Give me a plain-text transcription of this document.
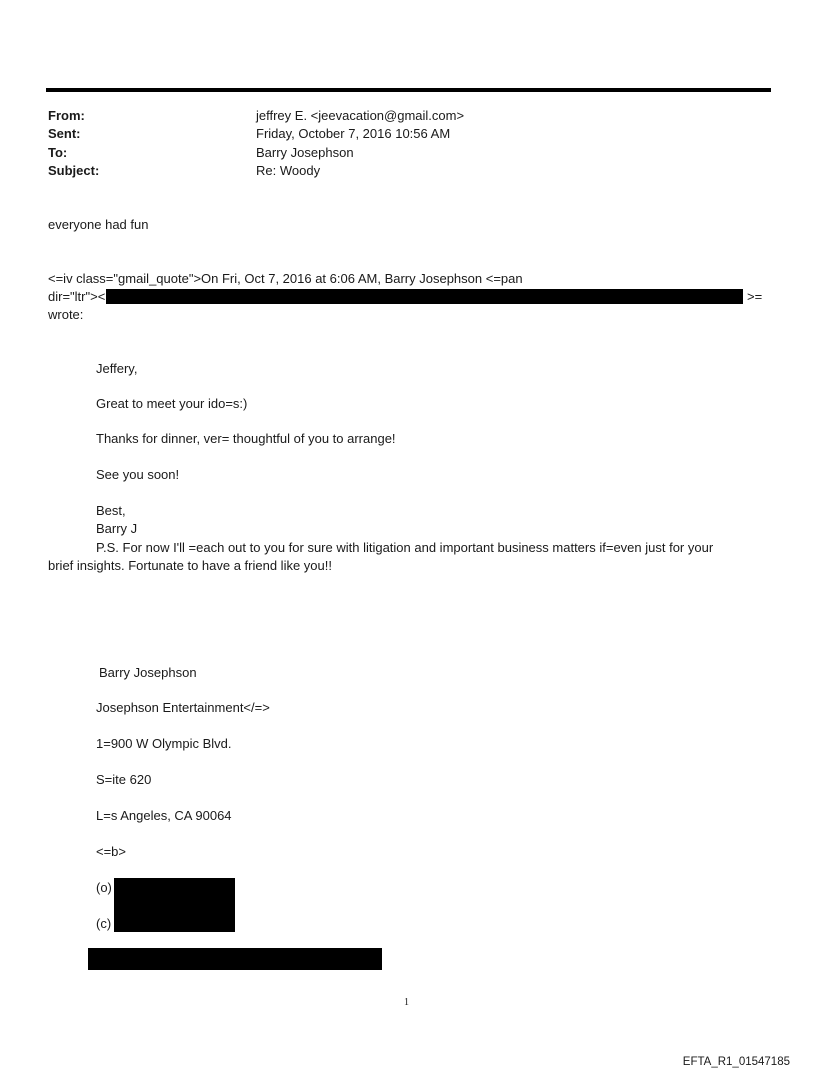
From:	jeffrey E. <jeevacation@gmail.com>
Sent:	Friday, October 7, 2016 10:56 AM
To:	Barry Josephson
Subject:	Re: Woody
everyone had fun
<=iv class="gmail_quote">On Fri, Oct 7, 2016 at 6:06 AM, Barry Josephson <=pan
dir="ltr"><	>=
wrote:
Jeffery,
Great to meet your ido=s:)
Thanks for dinner, ver= thoughtful of you to arrange!
See you soon!
Best,
Barry J
P.S. For now I'll =each out to you for sure with litigation and important business matters if=even just for your
brief insights. Fortunate to have a friend like you!!
Barry Josephson
Josephson Entertainment</=>
1=900 W Olympic Blvd.
S=ite 620
L=s Angeles, CA 90064
<=b>
(o)
(c)
1
EFTA_R1_01547185
